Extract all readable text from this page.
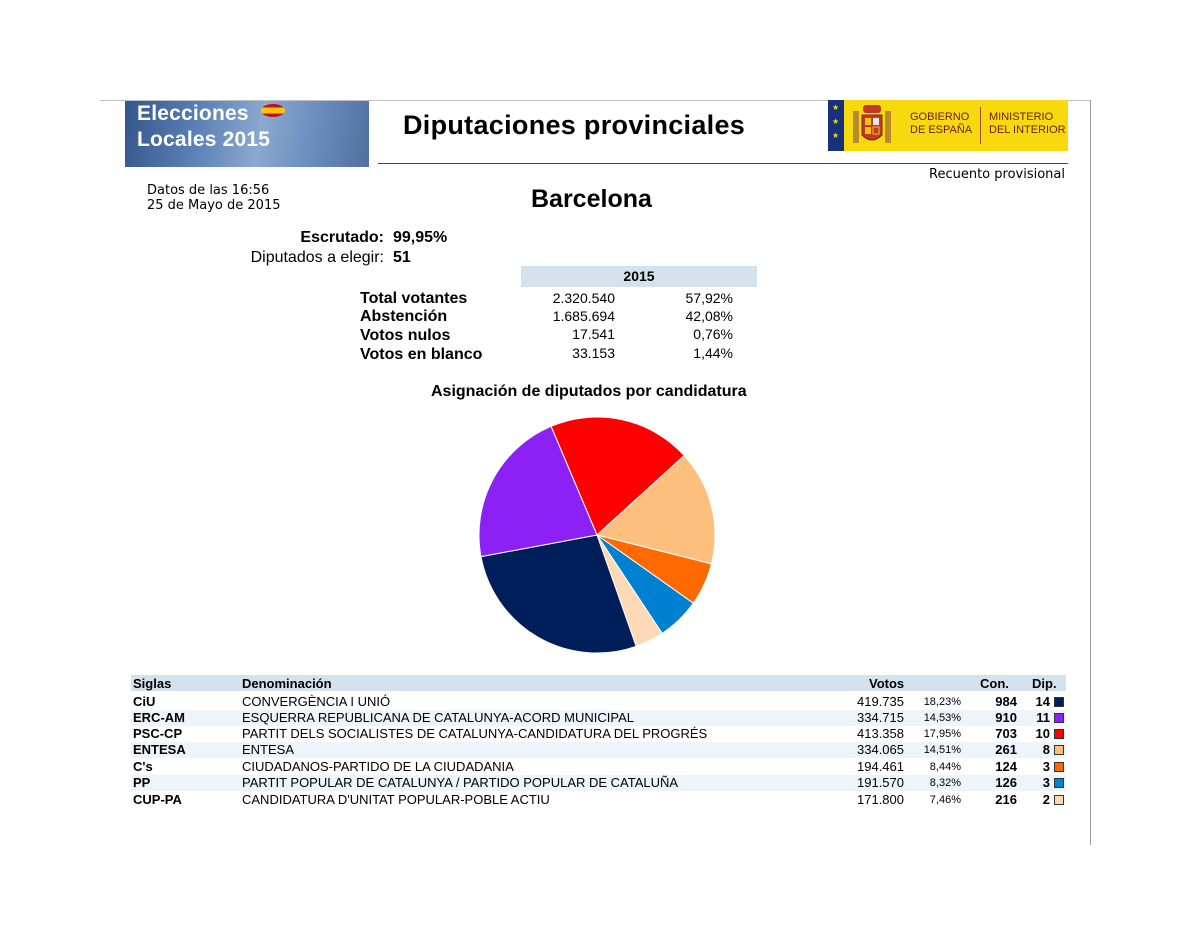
Elecciones
Locales 2015	Diputaciones provinciales
★
★
★
GOBIERNO DE ESPAÑA
MINISTERIO DEL INTERIOR
Recuento provisional
Datos de las 16:56
25 de Mayo de 2015	Barcelona
Escrutado: 99,95%
Diputados a elegir: 51
2015
Total votantes	2.320.540	57,92%
Abstención	1.685.694	42,08%
Votos nulos	17.541	0,76%
Votos en blanco	33.153	1,44%
Asignación de diputados por candidatura
Siglas	Denominación	Votos	Con. Dip.
CiU	CONVERGÈNCIA I UNIÓ	419.735	18,23%	984	14
ERC-AM	ESQUERRA REPUBLICANA DE CATALUNYA-ACORD MUNICIPAL	334.715	14,53%	910	11
PSC-CP	PARTIT DELS SOCIALISTES DE CATALUNYA-CANDIDATURA DEL PROGRÉS	413.358	17,95%	703	10
ENTESA	ENTESA	334.065	14,51%	261	8
C's	CIUDADANOS-PARTIDO DE LA CIUDADANIA	194.461	8,44%	124	3
PP	PARTIT POPULAR DE CATALUNYA / PARTIDO POPULAR DE CATALUÑA	191.570	8,32%	126	3
CUP-PA	CANDIDATURA D'UNITAT POPULAR-POBLE ACTIU	171.800	7,46%	216	2
